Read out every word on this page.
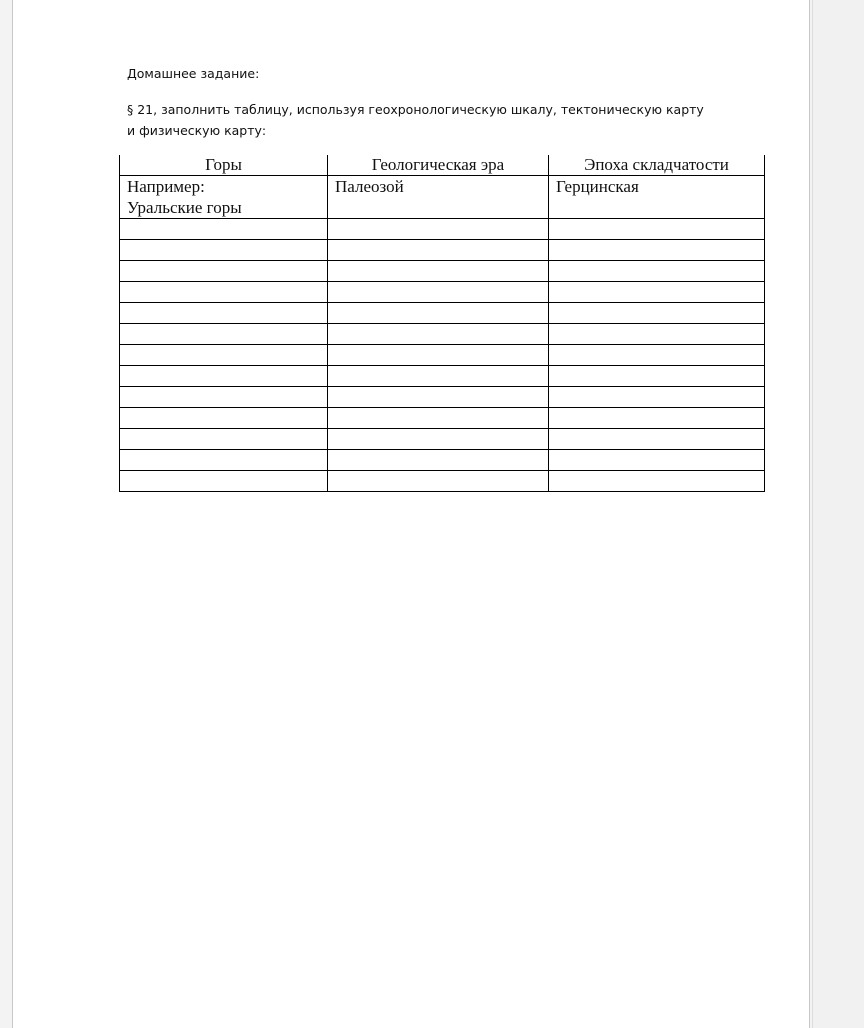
Домашнее задание:
§ 21, заполнить таблицу, используя геохронологическую шкалу, тектоническую карту и физическую карту:
Горы	Геологическая эра	Эпоха складчатости

Например:
Уральские горы	Палеозой	Герцинская
